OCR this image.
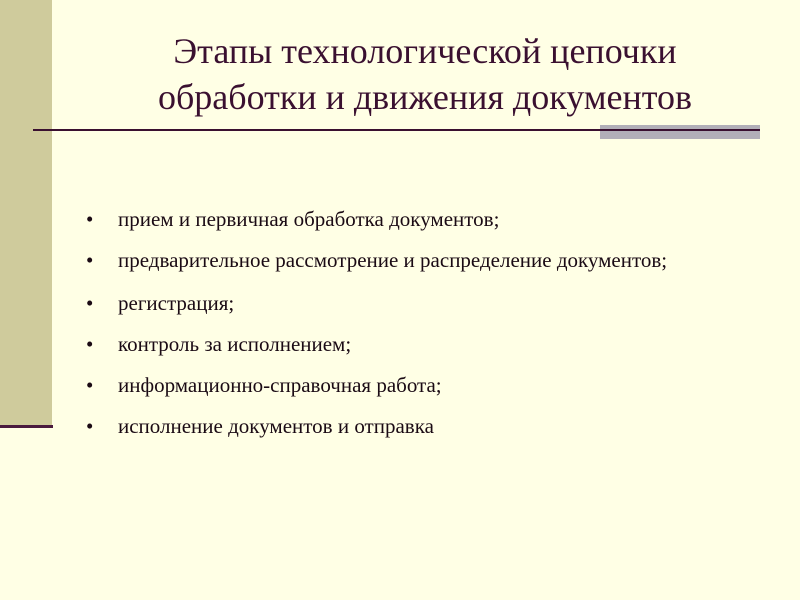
Этапы технологической цепочки
обработки и движения документов
•	прием и первичная обработка документов;
•	предварительное рассмотрение и распределение документов;
•	регистрация;
•	контроль за исполнением;
•	информационно-справочная работа;
•	исполнение документов и отправка
